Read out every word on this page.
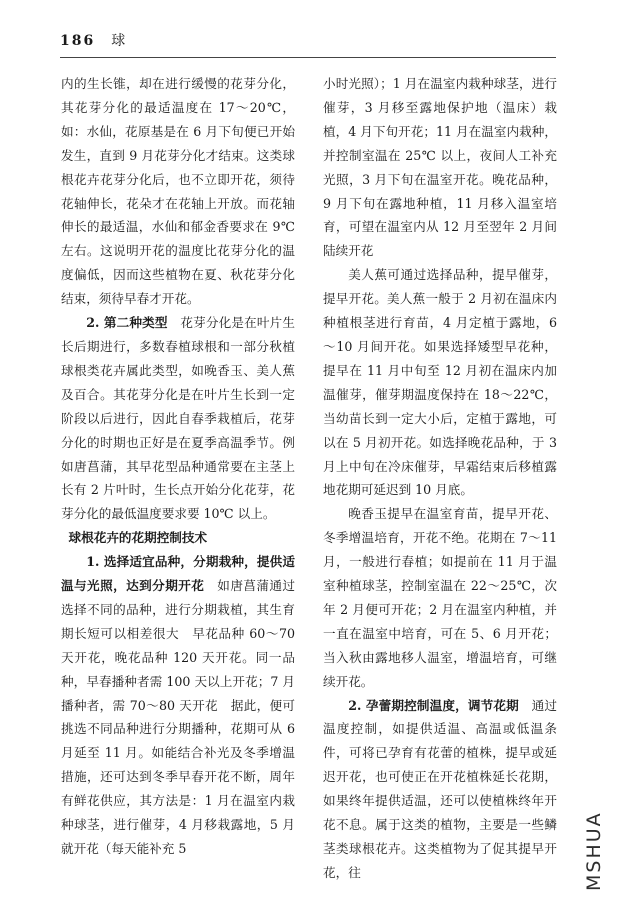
186 球

内的生长锥，却在进行缓慢的花芽分化，其花芽分化的最适温度在 17～20℃，如：水仙，花原基是在 6 月下旬便已开始发生，直到 9 月花芽分化才结束。这类球根花卉花芽分化后，也不立即开花，须待花轴伸长，花朵才在花轴上开放。而花轴伸长的最适温，水仙和郁金香要求在 9℃ 左右。这说明开花的温度比花芽分化的温度偏低，因而这些植物在夏、秋花芽分化结束，须待早春才开花。

2. 第二种类型　 花芽分化是在叶片生长后期进行，多数春植球根和一部分秋植球根类花卉属此类型，如晚香玉、美人蕉及百合。其花芽分化是在叶片生长到一定阶段以后进行，因此自春季栽植后，花芽分化的时期也正好是在夏季高温季节。例如唐菖蒲，其早花型品种通常要在主茎上长有 2 片叶时，生长点开始分化花芽，花芽分化的最低温度要求要 10℃ 以上。

球根花卉的花期控制技术

1. 选择适宜品种，分期栽种，提供适温与光照，达到分期开花　 如唐菖蒲通过选择不同的品种，进行分期栽植，其生育期长短可以相差很大　早花品种 60～70 天开花，晚花品种 120 天开花。同一品种，早春播种者需 100 天以上开花；7 月播种者，需 70～80 天开花　据此，便可挑选不同品种进行分期播种，花期可从 6 月延至 11 月。如能结合补光及冬季增温措施，还可达到冬季早春开花不断，周年有鲜花供应，其方法是：1 月在温室内栽种球茎，进行催芽，4 月移栽露地，5 月就开花（每天能补充 5

小时光照）；1 月在温室内栽种球茎，进行催芽，3 月移至露地保护地（温床）栽植，4 月下旬开花；11 月在温室内栽种，并控制室温在 25℃ 以上，夜间人工补充光照，3 月下旬在温室开花。晚花品种，9 月下旬在露地种植，11 月移入温室培育，可望在温室内从 12 月至翌年 2 月间陆续开花

美人蕉可通过选择品种，提早催芽，提早开花。美人蕉一般于 2 月初在温床内种植根茎进行育苗，4 月定植于露地，6～10 月间开花。如果选择矮型早花种，提早在 11 月中旬至 12 月初在温床内加温催芽，催芽期温度保持在 18～22℃，当幼苗长到一定大小后，定植于露地，可以在 5 月初开花。如选择晚花品种，于 3 月上中旬在冷床催芽，早霜结束后移植露地花期可延迟到 10 月底。

晚香玉提早在温室育苗，提早开花、冬季增温培育，开花不绝。花期在 7～11 月，一般进行春植；如提前在 11 月于温室种植球茎，控制室温在 22～25℃，次年 2 月便可开花；2 月在温室内种植，并一直在温室中培育，可在 5、6 月开花；当入秋由露地移人温室，增温培育，可继续开花。

2. 孕蕾期控制温度，调节花期　 通过温度控制，如提供适温、高温或低温条件，可将已孕育有花蕾的植株，提早或延迟开花，也可使正在开花植株延长花期，如果终年提供适温，还可以使植株终年开花不息。属于这类的植物，主要是一些鳞茎类球根花卉。这类植物为了促其提早开花，往	MSHUA
